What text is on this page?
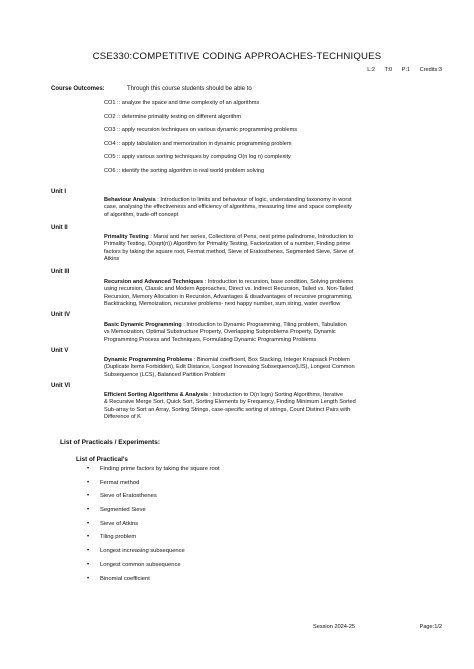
CSE330:COMPETITIVE CODING APPROACHES-TECHNIQUES
L:2 T:0 P:1 Credits:3
Course Outcomes:	Through this course students should be able to
CO1 :: analyze the space and time complexity of an algorithms
CO2 :: determine primality testing on different algorithm
CO3 :: apply recursion techniques on various dynamic programming problems
CO4 :: apply tabulation and memorization in dynamic programming problem
CO5 :: apply various sorting techniques by computing O(n log n) complexity
CO6 :: identify the sorting algorithm in real world problem solving
Unit I
Behaviour Analysis : Introduction to limits and behaviour of logic, understanding taxonomy in worst
case, analysing the effectiveness and efficiency of algorithms, measuring time and space complexity
of algorithm, trade-off concept
Unit II
Primality Testing : Mansi and her series, Collections of Pens, next prime palindrome, Introduction to
Primality Testing, O(sqrt(n)) Algorithm for Primality Testing, Factorization of a number, Finding prime
factors by taking the square root, Fermat method, Sieve of Eratosthenes, Segmented Sieve, Sieve of
Atkins
Unit III
Recursion and Advanced Techniques : Introduction to recursion, base condition, Solving problems
using recursion, Classic and Modern Approaches, Direct vs. Indirect Recursion, Tailed vs. Non-Tailed
Recursion, Memory Allocation in Recursion, Advantages & disadvantages of recursive programming,
Backtracking, Memoization, recursive problems- next happy number, sum string, water overflow
Unit IV
Basic Dynamic Programming : Introduction to Dynamic Programming, Tiling problem, Tabulation
vs Memoization, Optimal Substructure Property, Overlapping Subproblems Property, Dynamic
Programming Process and Techniques, Formulating Dynamic Programming Problems
Unit V
Dynamic Programming Problems : Binomial coefficient, Box Stacking, Integer Knapsack Problem
(Duplicate Items Forbidden), Edit Distance, Longest Increasing Subsequence(LIS), Longest Common
Subsequence (LCS), Balanced Partition Problem
Unit VI
Efficient Sorting Algorithms & Analysis : Introduction to O(n logn) Sorting Algorithms, Iterative
& Recursive Merge Sort, Quick Sort, Sorting Elements by Frequency, Finding Minimum Length Sorted
Sub-array to Sort an Array, Sorting Strings, case-specific sorting of strings, Count Distinct Pairs with
Difference of K
List of Practicals / Experiments:
List of Practical's
•	Finding prime factors by taking the square root
•	Fermat method
•	Sieve of Eratosthenes
•	Segmented Sieve
•	Sieve of Atkins
•	Tiling problem
•	Longest increasing subsequence
•	Longest common subsequence
•	Binomial coefficient
Session 2024-25	Page:1/2
